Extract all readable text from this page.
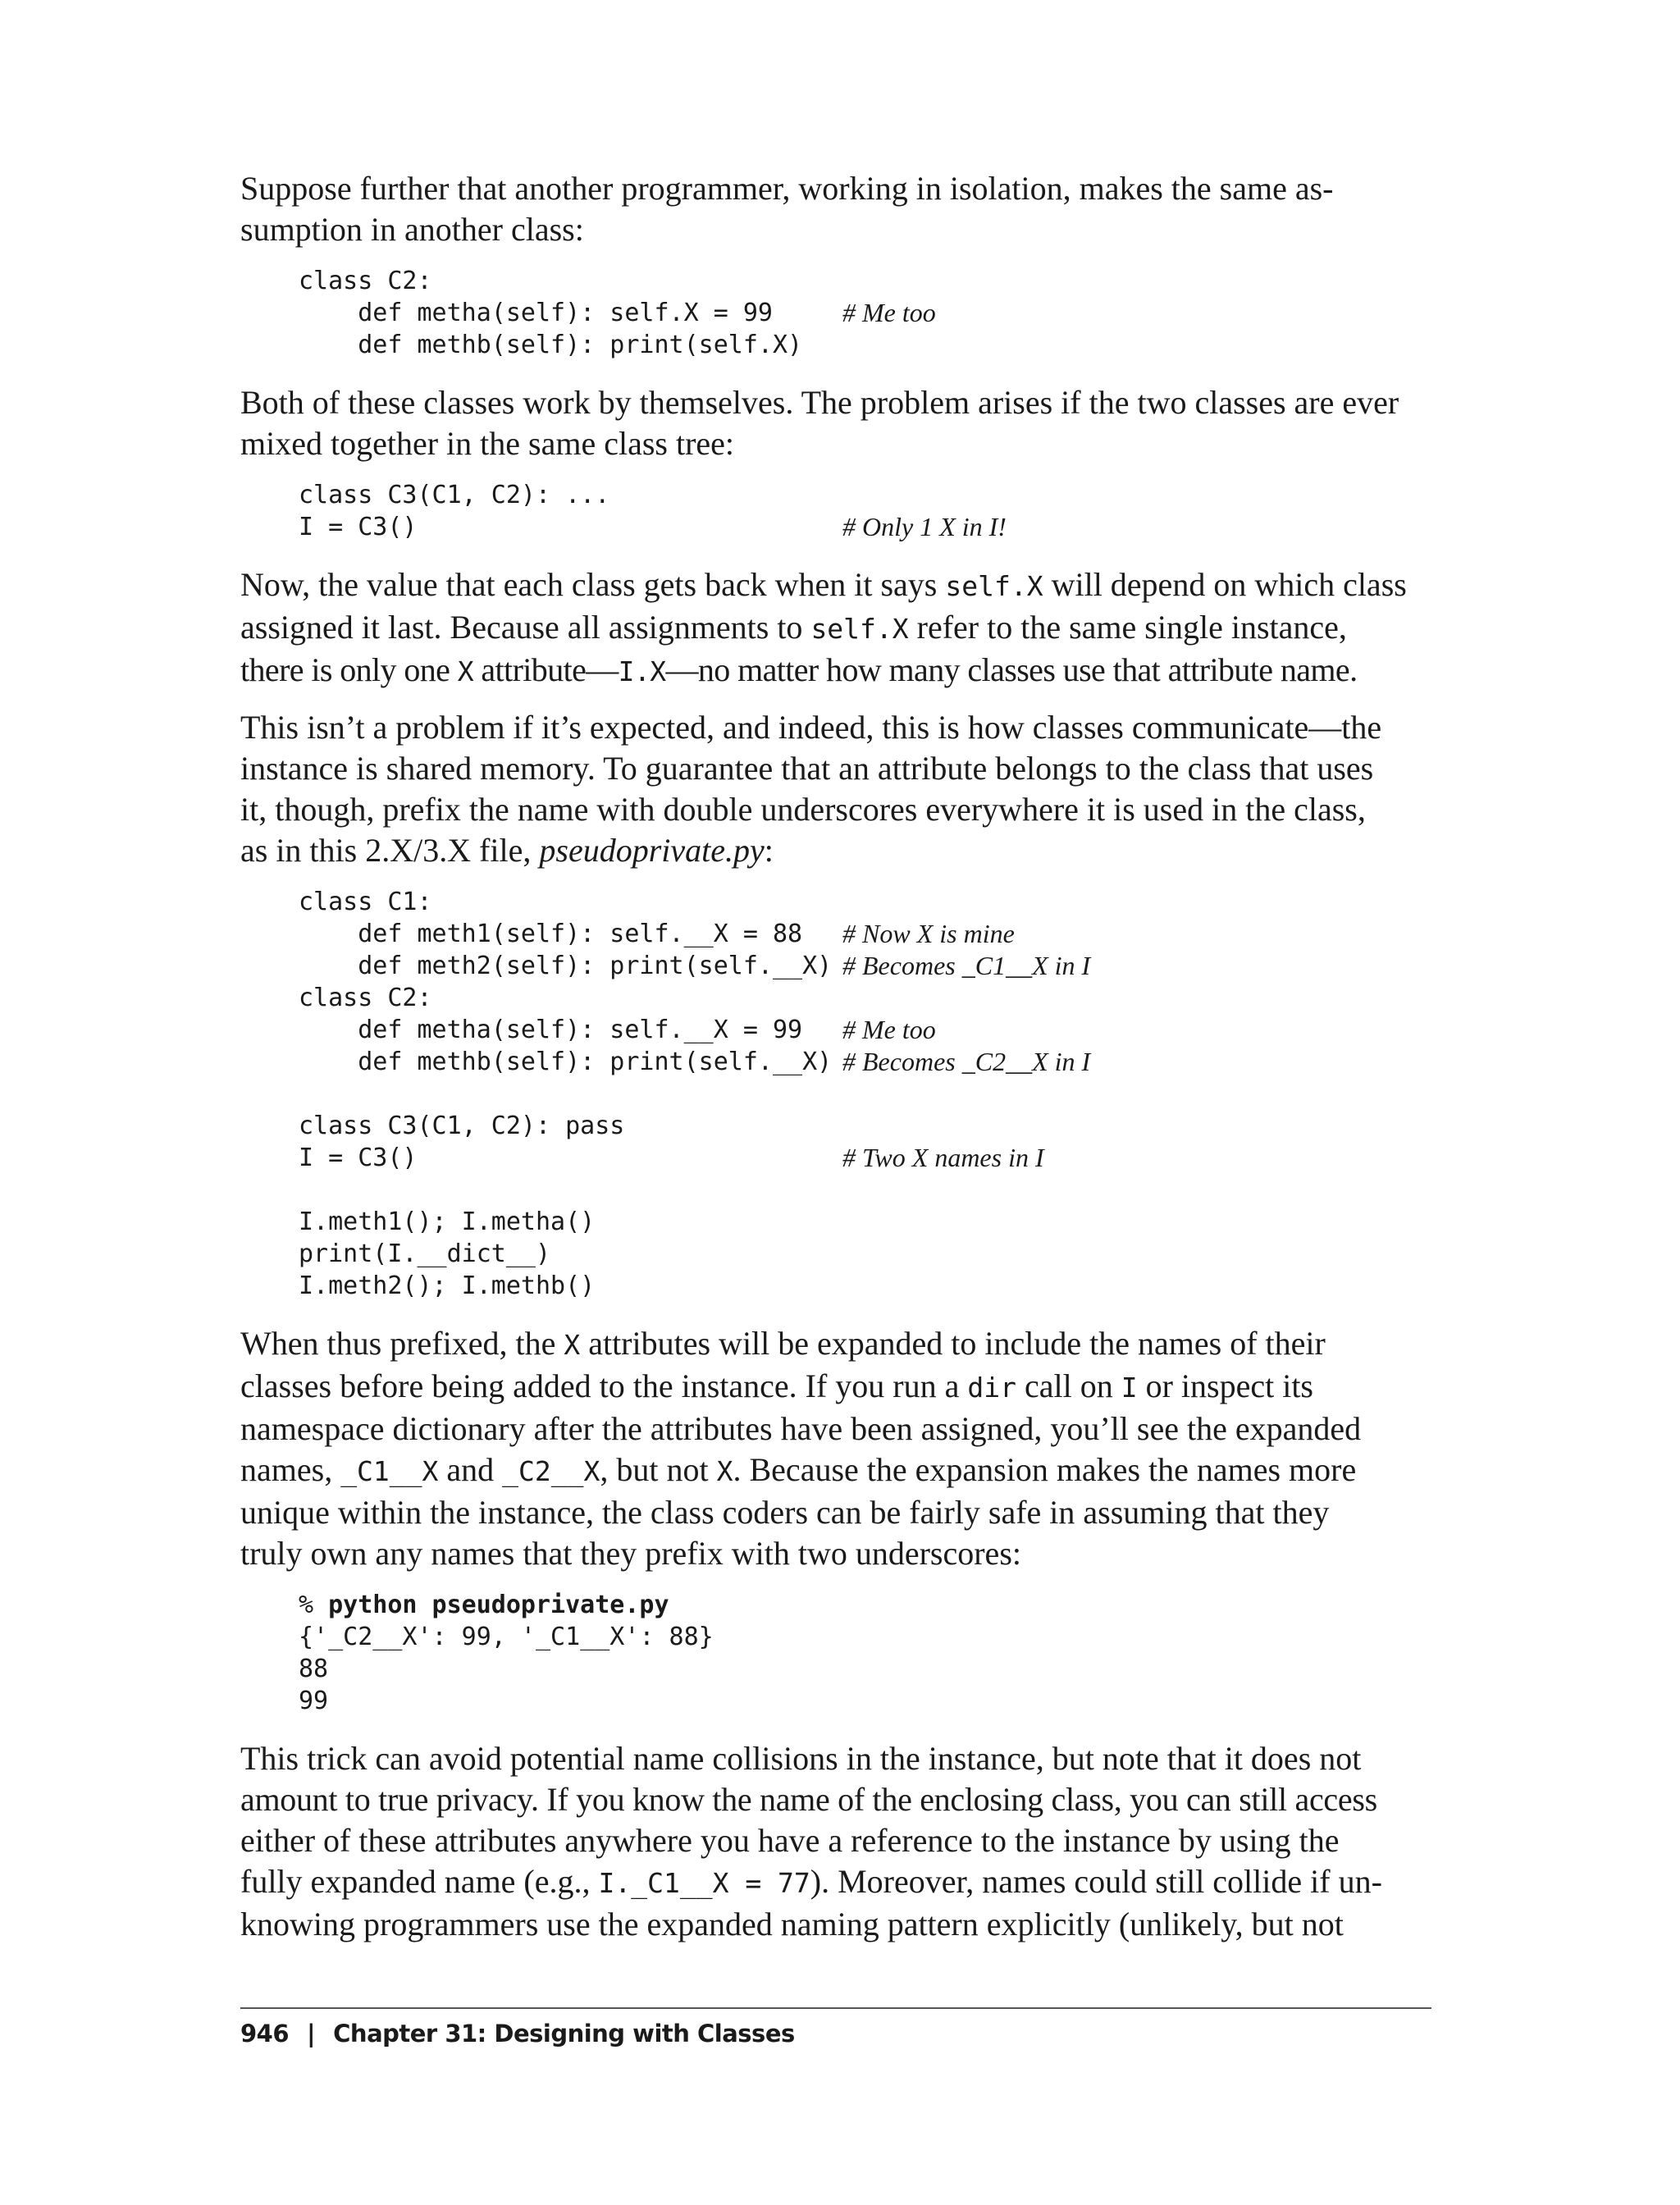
Suppose further that another programmer, working in isolation, makes the same as-
sumption in another class:

class C2:
def metha(self): self.X = 99	# Me too
def methb(self): print(self.X)

Both of these classes work by themselves. The problem arises if the two classes are ever
mixed together in the same class tree:

class C3(C1, C2): ...
I = C3()	# Only 1 X in I!

Now, the value that each class gets back when it says self.X will depend on which class
assigned it last. Because all assignments to self.X refer to the same single instance,
there is only one X attribute—I.X—no matter how many classes use that attribute name.

This isn’t a problem if it’s expected, and indeed, this is how classes communicate—the
instance is shared memory. To guarantee that an attribute belongs to the class that uses
it, though, prefix the name with double underscores everywhere it is used in the class,
as in this 2.X/3.X file, pseudoprivate.py:

class C1:
def meth1(self): self.__X = 88 # Now X is mine
def meth2(self): print(self.__X) # Becomes _C1__X in I
class C2:
def metha(self): self.__X = 99 # Me too
def methb(self): print(self.__X) # Becomes _C2__X in I
class C3(C1, C2): pass
I = C3()	# Two X names in I
I.meth1(); I.metha()
print(I.__dict__)
I.meth2(); I.methb()

When thus prefixed, the X attributes will be expanded to include the names of their
classes before being added to the instance. If you run a dir call on I or inspect its
namespace dictionary after the attributes have been assigned, you’ll see the expanded
names, _C1__X and _C2__X, but not X. Because the expansion makes the names more
unique within the instance, the class coders can be fairly safe in assuming that they
truly own any names that they prefix with two underscores:

% python pseudoprivate.py
{'_C2__X': 99, '_C1__X': 88}
88
99

This trick can avoid potential name collisions in the instance, but note that it does not
amount to true privacy. If you know the name of the enclosing class, you can still access
either of these attributes anywhere you have a reference to the instance by using the
fully expanded name (e.g., I._C1__X = 77). Moreover, names could still collide if un-
knowing programmers use the expanded naming pattern explicitly (unlikely, but not

946 | Chapter 31: Designing with Classes
